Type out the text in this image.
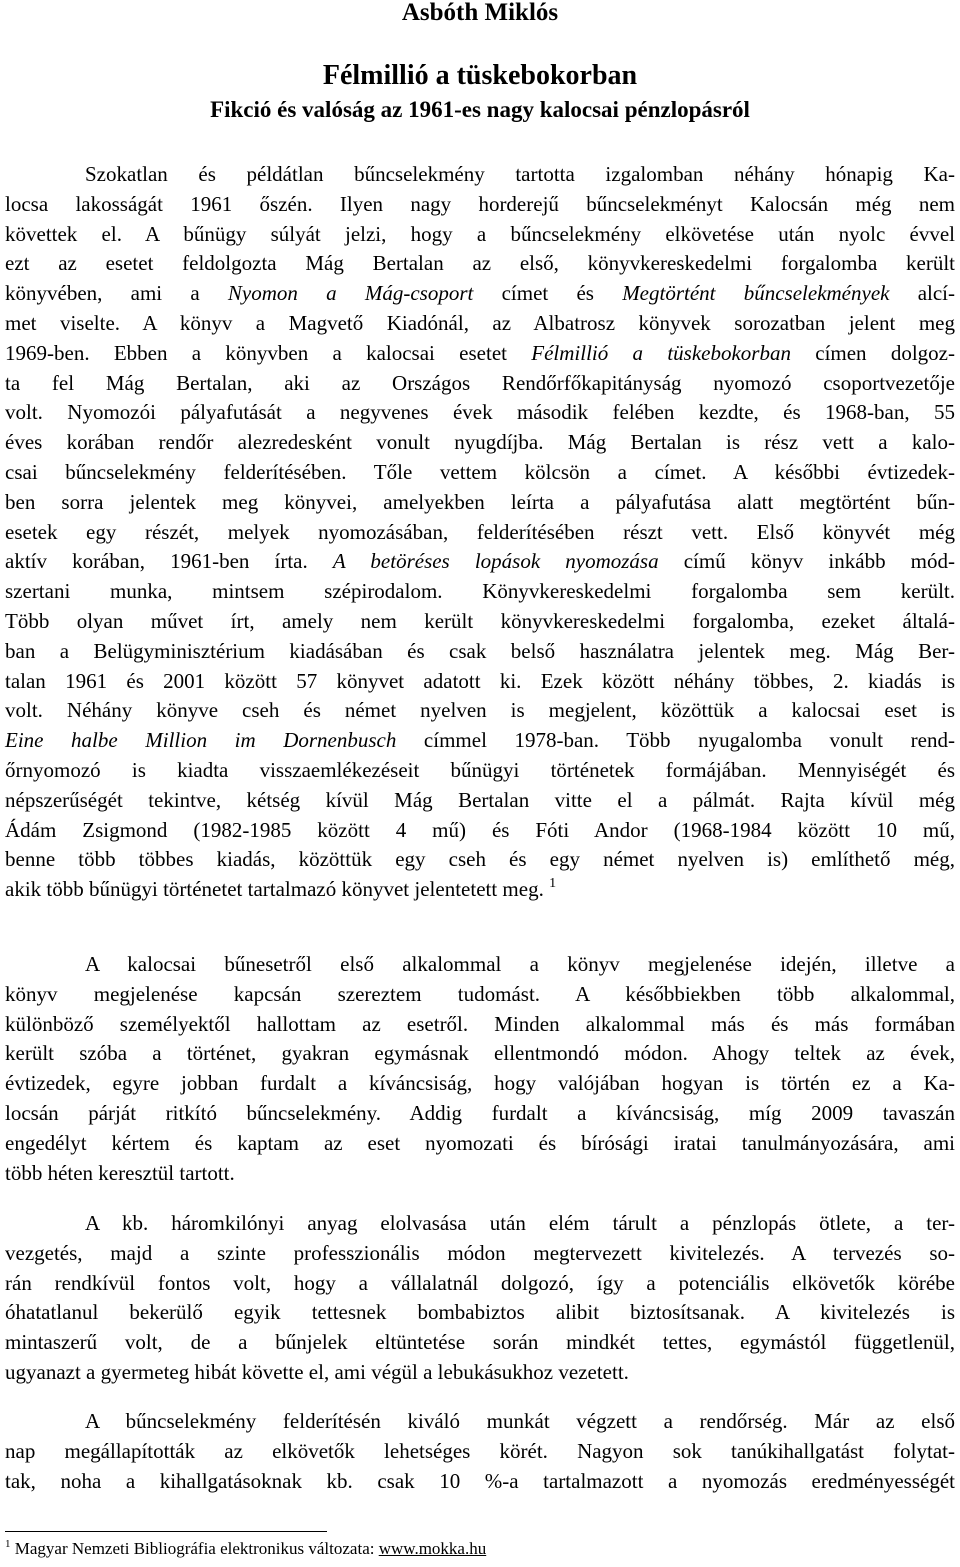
Asbóth Miklós

Félmillió a tüskebokorban

Fikció és valóság az 1961-es nagy kalocsai pénzlopásról

Szokatlan és példátlan bűncselekmény tartotta izgalomban néhány hónapig Ka-
locsa lakosságát 1961 őszén. Ilyen nagy horderejű bűncselekményt Kalocsán még nem
követtek el. A bűnügy súlyát jelzi, hogy a bűncselekmény elkövetése után nyolc évvel
ezt az esetet feldolgozta Mág Bertalan az első, könyvkereskedelmi forgalomba került
könyvében, ami a Nyomon a Mág-csoport címet és Megtörtént bűncselekmények alcí-
met viselte. A könyv a Magvető Kiadónál, az Albatrosz könyvek sorozatban jelent meg
1969-ben. Ebben a könyvben a kalocsai esetet Félmillió a tüskebokorban címen dolgoz-
ta fel Mág Bertalan, aki az Országos Rendőrfőkapitányság nyomozó csoportvezetője
volt. Nyomozói pályafutását a negyvenes évek második felében kezdte, és 1968-ban, 55
éves korában rendőr alezredesként vonult nyugdíjba. Mág Bertalan is rész vett a kalo-
csai bűncselekmény felderítésében. Tőle vettem kölcsön a címet. A későbbi évtizedek-
ben sorra jelentek meg könyvei, amelyekben leírta a pályafutása alatt megtörtént bűn-
esetek egy részét, melyek nyomozásában, felderítésében részt vett. Első könyvét még
aktív korában, 1961-ben írta. A betöréses lopások nyomozása című könyv inkább mód-
szertani munka, mintsem szépirodalom. Könyvkereskedelmi forgalomba sem került.
Több olyan művet írt, amely nem került könyvkereskedelmi forgalomba, ezeket általá-
ban a Belügyminisztérium kiadásában és csak belső használatra jelentek meg. Mág Ber-
talan 1961 és 2001 között 57 könyvet adatott ki. Ezek között néhány többes, 2. kiadás is
volt. Néhány könyve cseh és német nyelven is megjelent, közöttük a kalocsai eset is
Eine halbe Million im Dornenbusch címmel 1978-ban. Több nyugalomba vonult rend-
őrnyomozó is kiadta visszaemlékezéseit bűnügyi történetek formájában. Mennyiségét és
népszerűségét tekintve, kétség kívül Mág Bertalan vitte el a pálmát. Rajta kívül még
Ádám Zsigmond (1982-1985 között 4 mű) és Fóti Andor (1968-1984 között 10 mű,
benne több többes kiadás, közöttük egy cseh és egy német nyelven is) említhető még,
akik több bűnügyi történetet tartalmazó könyvet jelentetett meg. $^1$
A kalocsai bűnesetről első alkalommal a könyv megjelenése idején, illetve a
könyv megjelenése kapcsán szereztem tudomást. A későbbiekben több alkalommal,
különböző személyektől hallottam az esetről. Minden alkalommal más és más formában
került szóba a történet, gyakran egymásnak ellentmondó módon. Ahogy teltek az évek,
évtizedek, egyre jobban furdalt a kíváncsiság, hogy valójában hogyan is történ ez a Ka-
locsán párját ritkító bűncselekmény. Addig furdalt a kíváncsiság, míg 2009 tavaszán
engedélyt kértem és kaptam az eset nyomozati és bírósági iratai tanulmányozására, ami
több héten keresztül tartott.
A kb. háromkilónyi anyag elolvasása után elém tárult a pénzlopás ötlete, a ter-
vezgetés, majd a szinte professzionális módon megtervezett kivitelezés. A tervezés so-
rán rendkívül fontos volt, hogy a vállalatnál dolgozó, így a potenciális elkövetők körébe
óhatatlanul bekerülő egyik tettesnek bombabiztos alibit biztosítsanak. A kivitelezés is
mintaszerű volt, de a bűnjelek eltüntetése során mindkét tettes, egymástól függetlenül,
ugyanazt a gyermeteg hibát követte el, ami végül a lebukásukhoz vezetett.
A bűncselekmény felderítésén kiváló munkát végzett a rendőrség. Már az első
nap megállapították az elkövetők lehetséges körét. Nagyon sok tanúkihallgatást folytat-
tak, noha a kihallgatásoknak kb. csak 10 %-a tartalmazott a nyomozás eredményességét

$^1$ Magyar Nemzeti Bibliográfia elektronikus változata: www.mokka.hu
